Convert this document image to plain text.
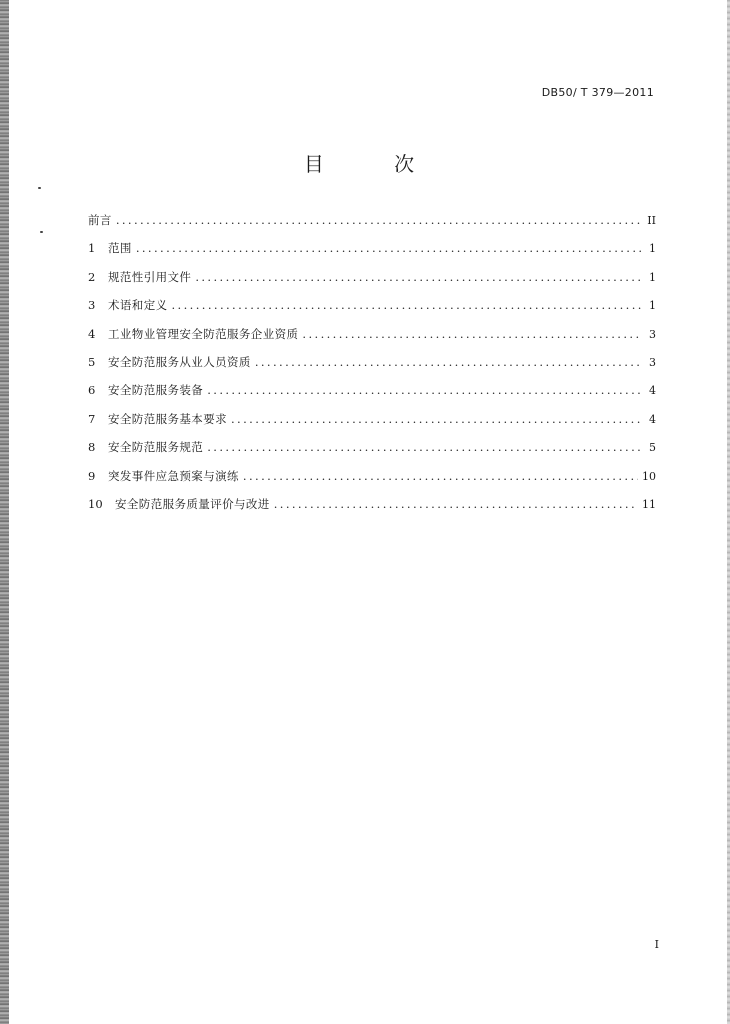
DB50/ T 379—2011
目 次
前言 .....	II
1	范围 .....	1
2	规范性引用文件 .....	1
3	术语和定义 .....	1
4	工业物业管理安全防范服务企业资质 .....	3
5	安全防范服务从业人员资质 .....	3
6	安全防范服务装备 .....	4
7	安全防范服务基本要求 .....	4
8	安全防范服务规范 .....	5
9	突发事件应急预案与演练 .....	10
10	安全防范服务质量评价与改进 .....	11
I
